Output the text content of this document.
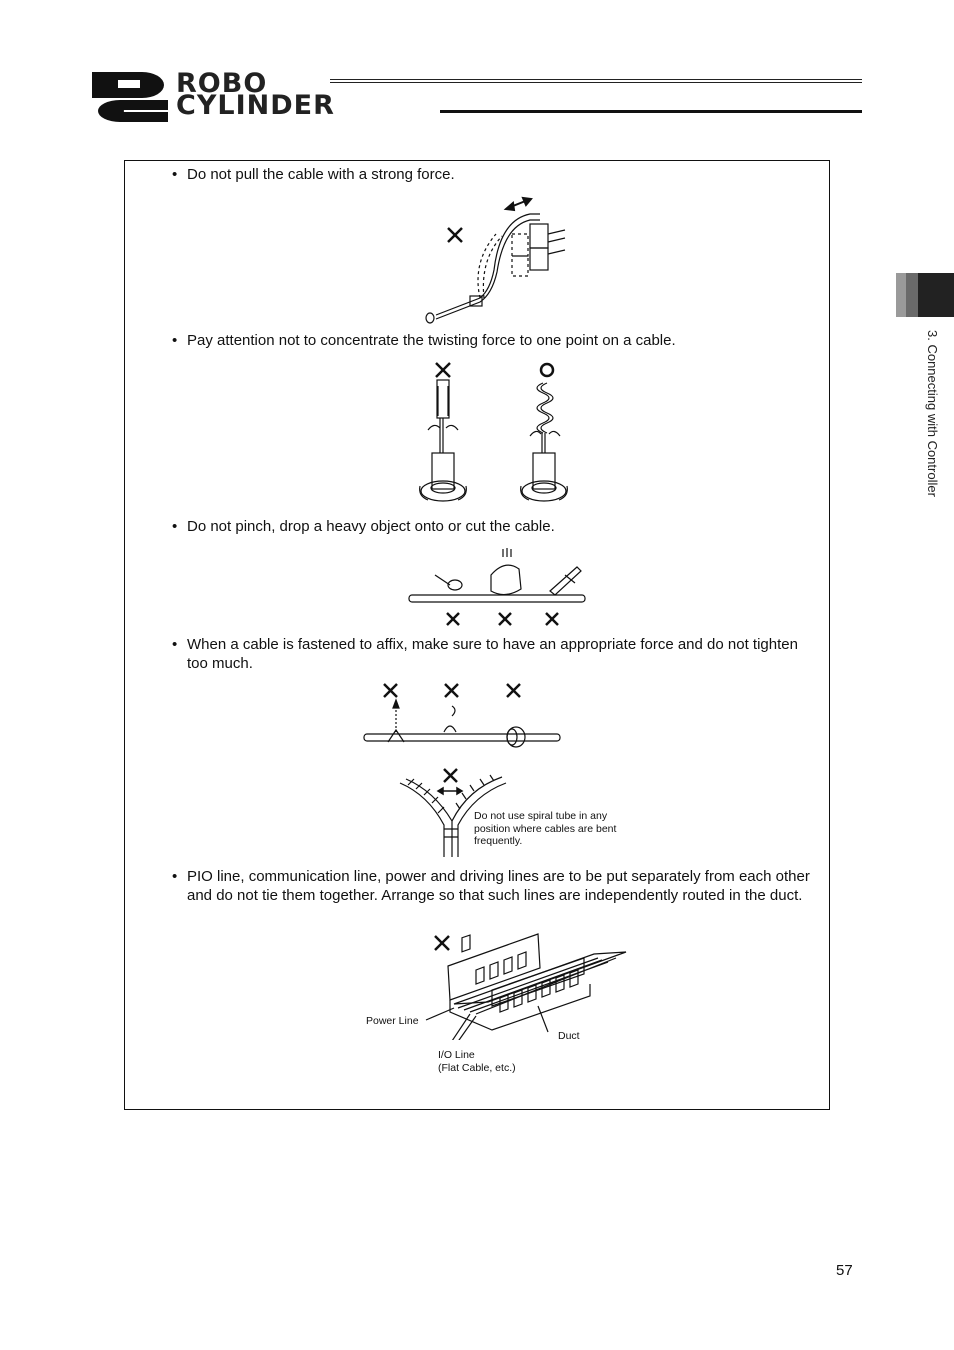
ROBO
CYLINDER
3. Connecting with Controller
• Do not pull the cable with a strong force.
• Pay attention not to concentrate the twisting force to one point on a cable.
• Do not pinch, drop a heavy object onto or cut the cable.
• When a cable is fastened to affix, make sure to have an appropriate force and do not tighten too much.
Do not use spiral tube in any position where cables are bent frequently.
• PIO line, communication line, power and driving lines are to be put separately from each other and do not tie them together. Arrange so that such lines are independently routed in the duct.
Power Line
Duct
I/O Line
(Flat Cable, etc.)
57
